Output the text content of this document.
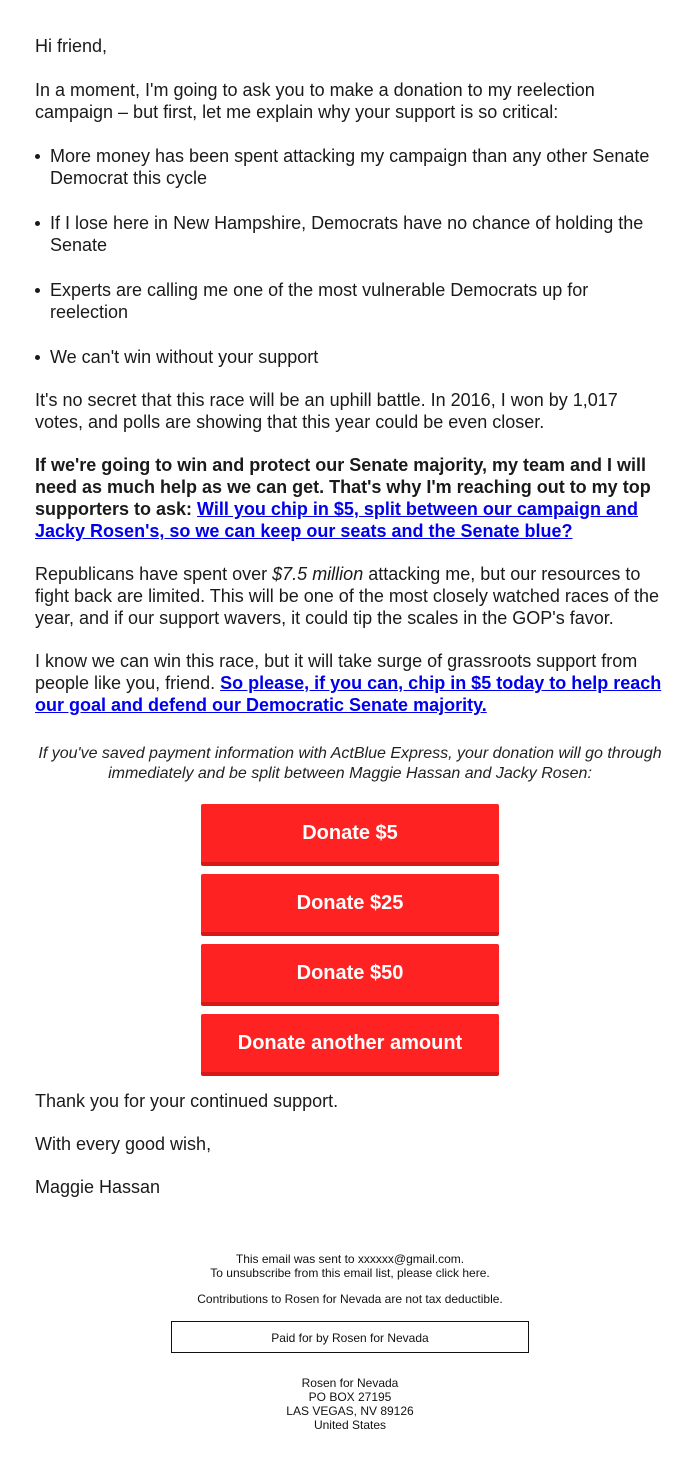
Hi friend,

In a moment, I'm going to ask you to make a donation to my reelection campaign – but first, let me explain why your support is so critical:

More money has been spent attacking my campaign than any other Senate Democrat this cycle
If I lose here in New Hampshire, Democrats have no chance of holding the Senate
Experts are calling me one of the most vulnerable Democrats up for reelection
We can't win without your support

It's no secret that this race will be an uphill battle. In 2016, I won by 1,017 votes, and polls are showing that this year could be even closer.

If we're going to win and protect our Senate majority, my team and I will need as much help as we can get. That's why I'm reaching out to my top supporters to ask: Will you chip in $5, split between our campaign and Jacky Rosen's, so we can keep our seats and the Senate blue?

Republicans have spent over $7.5 million attacking me, but our resources to fight back are limited. This will be one of the most closely watched races of the year, and if our support wavers, it could tip the scales in the GOP's favor.

I know we can win this race, but it will take surge of grassroots support from people like you, friend. So please, if you can, chip in $5 today to help reach our goal and defend our Democratic Senate majority.

If you've saved payment information with ActBlue Express, your donation will go through immediately and be split between Maggie Hassan and Jacky Rosen:

Donate $5
Donate $25
Donate $50
Donate another amount

Thank you for your continued support.

With every good wish,

Maggie Hassan

This email was sent to xxxxxx@gmail.com.
To unsubscribe from this email list, please click here.
Contributions to Rosen for Nevada are not tax deductible.
Paid for by Rosen for Nevada
Rosen for Nevada
PO BOX 27195
LAS VEGAS, NV 89126
United States
